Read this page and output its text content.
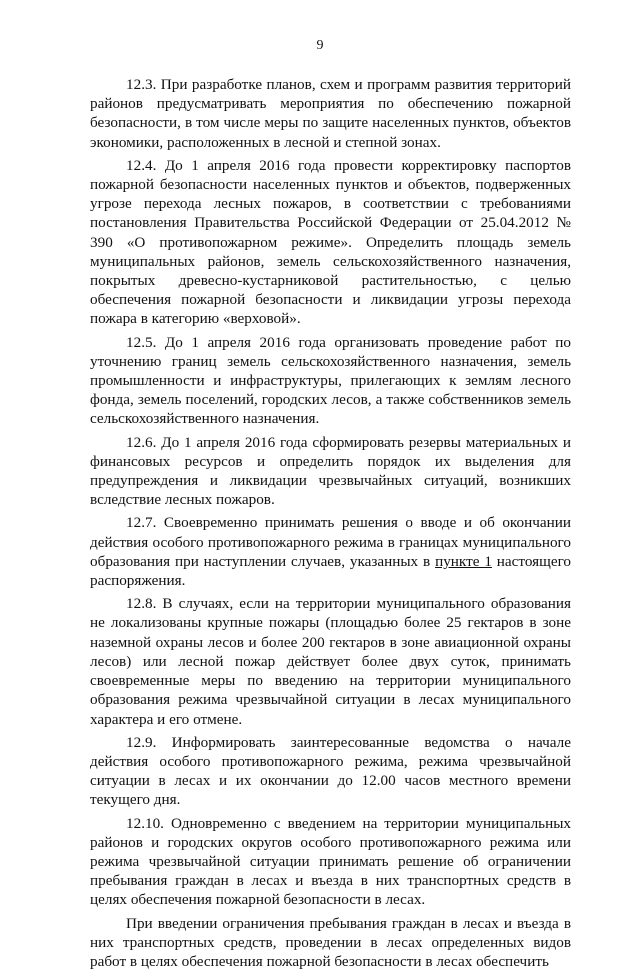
9

12.3. При разработке планов, схем и программ развития территорий районов предусматривать мероприятия по обеспечению пожарной безопасности, в том числе меры по защите населенных пунктов, объектов экономики, расположенных в лесной и степной зонах.

12.4. До 1 апреля 2016 года провести корректировку паспортов пожарной безопасности населенных пунктов и объектов, подверженных угрозе перехода лесных пожаров, в соответствии с требованиями постановления Правительства Российской Федерации от 25.04.2012 № 390 «О противопожарном режиме». Определить площадь земель муниципальных районов, земель сельскохозяйственного назначения, покрытых древесно-кустарниковой растительностью, с целью обеспечения пожарной безопасности и ликвидации угрозы перехода пожара в категорию «верховой».

12.5. До 1 апреля 2016 года организовать проведение работ по уточнению границ земель сельскохозяйственного назначения, земель промышленности и инфраструктуры, прилегающих к землям лесного фонда, земель поселений, городских лесов, а также собственников земель сельскохозяйственного назначения.

12.6. До 1 апреля 2016 года сформировать резервы материальных и финансовых ресурсов и определить порядок их выделения для предупреждения и ликвидации чрезвычайных ситуаций, возникших вследствие лесных пожаров.

12.7. Своевременно принимать решения о вводе и об окончании действия особого противопожарного режима в границах муниципального образования при наступлении случаев, указанных в пункте 1 настоящего распоряжения.

12.8. В случаях, если на территории муниципального образования не локализованы крупные пожары (площадью более 25 гектаров в зоне наземной охраны лесов и более 200 гектаров в зоне авиационной охраны лесов) или лесной пожар действует более двух суток, принимать своевременные меры по введению на территории муниципального образования режима чрезвычайной ситуации в лесах муниципального характера и его отмене.

12.9. Информировать заинтересованные ведомства о начале действия особого противопожарного режима, режима чрезвычайной ситуации в лесах и их окончании до 12.00 часов местного времени текущего дня.

12.10. Одновременно с введением на территории муниципальных районов и городских округов особого противопожарного режима или режима чрезвычайной ситуации принимать решение об ограничении пребывания граждан в лесах и въезда в них транспортных средств в целях обеспечения пожарной безопасности в лесах.

При введении ограничения пребывания граждан в лесах и въезда в них транспортных средств, проведении в лесах определенных видов работ в целях обеспечения пожарной безопасности в лесах обеспечить
